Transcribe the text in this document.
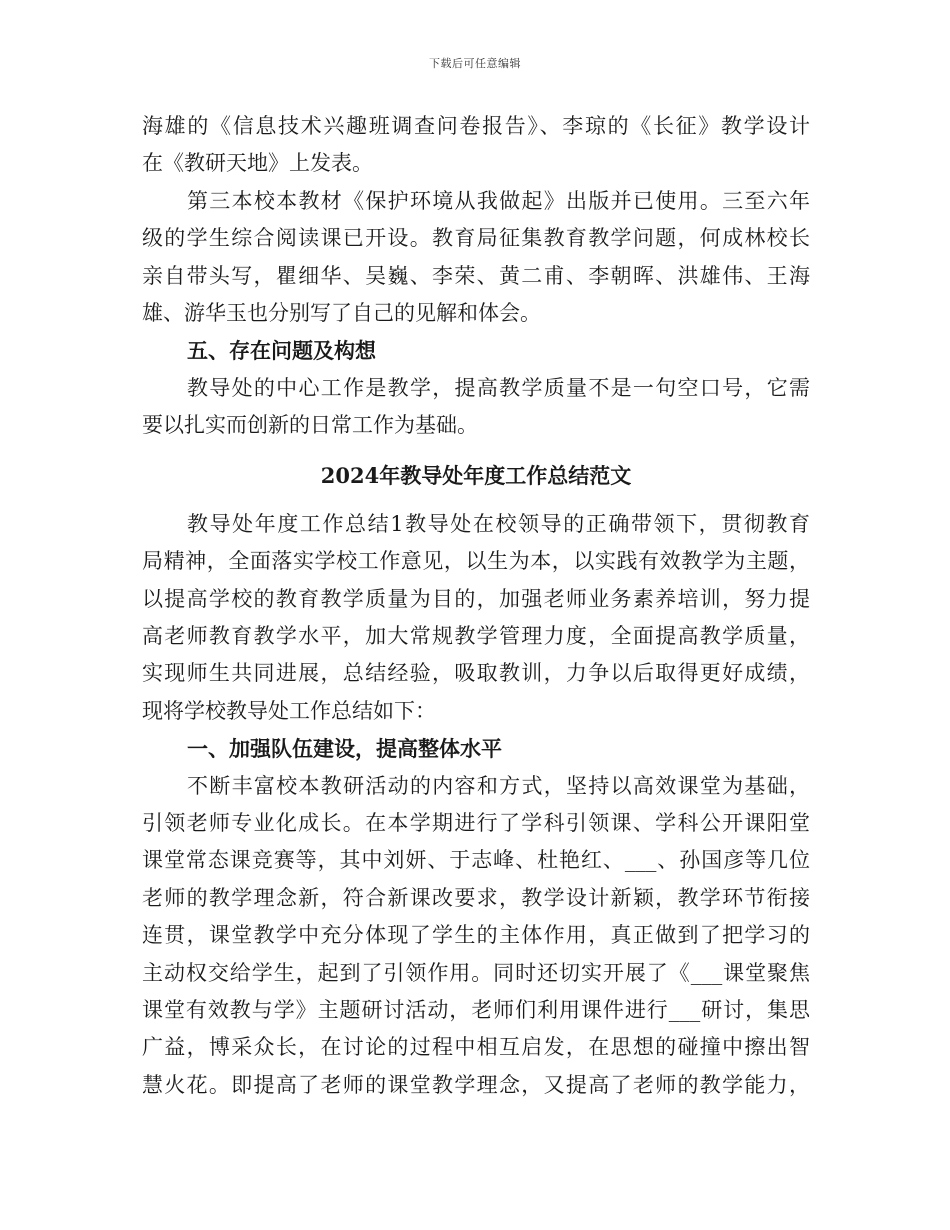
下载后可任意编辑
海雄的《信息技术兴趣班调查问卷报告》、李琼的《长征》教学设计
在《教研天地》上发表。
第三本校本教材《保护环境从我做起》出版并已使用。三至六年
级的学生综合阅读课已开设。教育局征集教育教学问题，何成林校长
亲自带头写，瞿细华、吴巍、李荣、黄二甫、李朝晖、洪雄伟、王海
雄、游华玉也分别写了自己的见解和体会。
五、存在问题及构想
教导处的中心工作是教学，提高教学质量不是一句空口号，它需
要以扎实而创新的日常工作为基础。
2024年教导处年度工作总结范文
教导处年度工作总结1教导处在校领导的正确带领下，贯彻教育
局精神，全面落实学校工作意见，以生为本，以实践有效教学为主题，
以提高学校的教育教学质量为目的，加强老师业务素养培训，努力提
高老师教育教学水平，加大常规教学管理力度，全面提高教学质量，
实现师生共同进展，总结经验，吸取教训，力争以后取得更好成绩，
现将学校教导处工作总结如下：
一、加强队伍建设，提高整体水平
不断丰富校本教研活动的内容和方式，坚持以高效课堂为基础，
引领老师专业化成长。在本学期进行了学科引领课、学科公开课阳堂
课堂常态课竞赛等，其中刘妍、于志峰、杜艳红、___、孙国彦等几位
老师的教学理念新，符合新课改要求，教学设计新颖，教学环节衔接
连贯，课堂教学中充分体现了学生的主体作用，真正做到了把学习的
主动权交给学生，起到了引领作用。同时还切实开展了《___课堂聚焦
课堂有效教与学》主题研讨活动，老师们利用课件进行___研讨，集思
广益，博采众长，在讨论的过程中相互启发，在思想的碰撞中擦出智
慧火花。即提高了老师的课堂教学理念，又提高了老师的教学能力，
